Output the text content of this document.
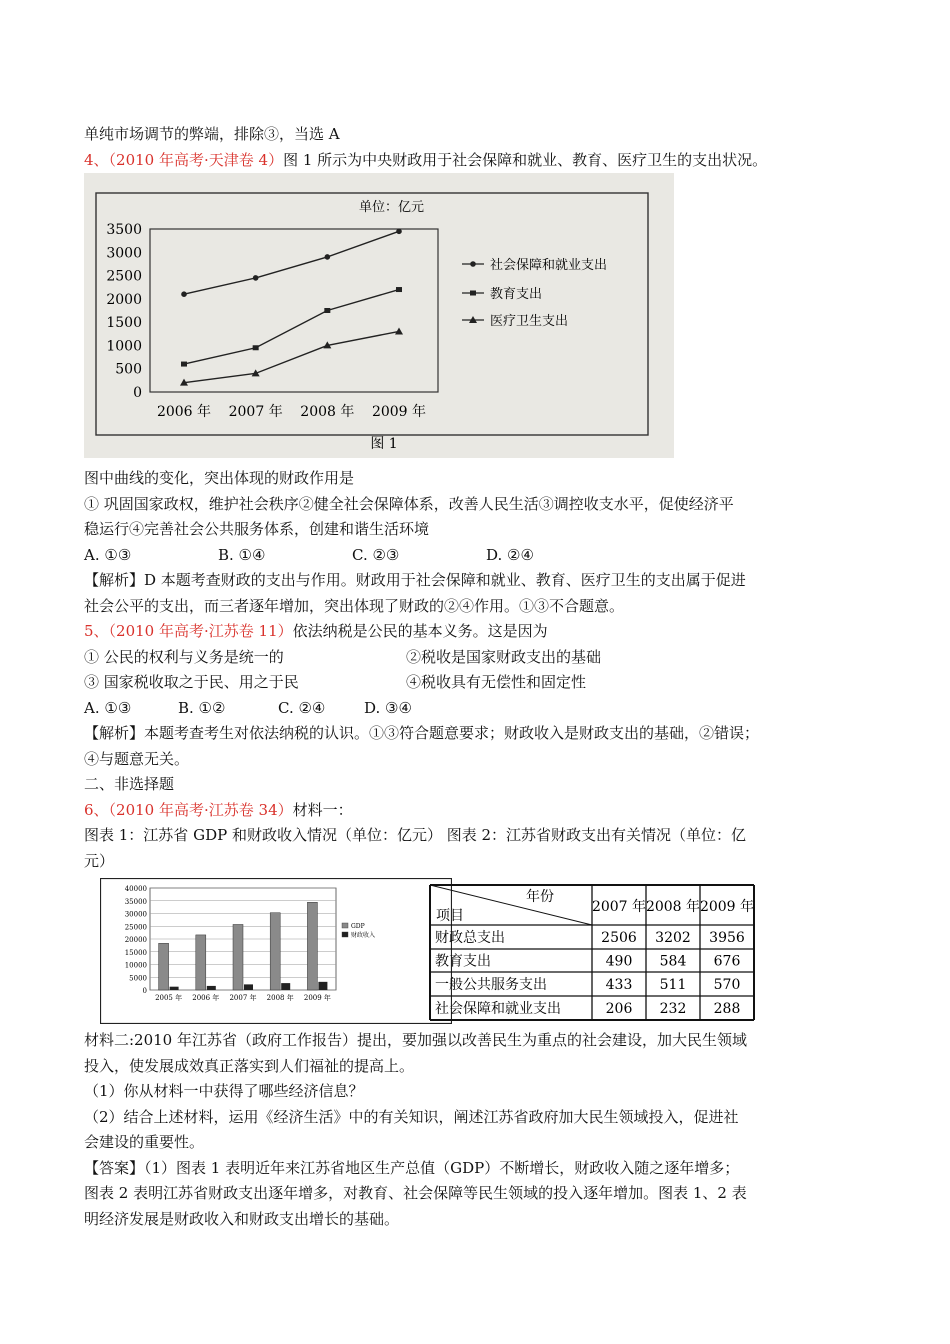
单纯市场调节的弊端，排除③，当选 A
4、（2010 年高考·天津卷 4）图 1 所示为中央财政用于社会保障和就业、教育、医疗卫生的支出状况。
单位：亿元
3500
3000
2500
2000
1500
1000
500
0
2006 年 2007 年 2008 年 2009 年
社会保障和就业支出
教育支出
医疗卫生支出
图 1
图中曲线的变化，突出体现的财政作用是
① 巩固国家政权，维护社会秩序②健全社会保障体系，改善人民生活③调控收支水平，促使经济平
稳运行④完善社会公共服务体系，创建和谐生活环境
A. ①③	B. ①④	C. ②③	D. ②④
【解析】D 本题考查财政的支出与作用。财政用于社会保障和就业、教育、医疗卫生的支出属于促进
社会公平的支出，而三者逐年增加，突出体现了财政的②④作用。①③不合题意。
5、（2010 年高考·江苏卷 11）依法纳税是公民的基本义务。这是因为
① 公民的权利与义务是统一的	②税收是国家财政支出的基础
③ 国家税收取之于民、用之于民	④税收具有无偿性和固定性
A. ①③	B. ①②	C. ②④	D. ③④
【解析】本题考查考生对依法纳税的认识。①③符合题意要求；财政收入是财政支出的基础，②错误；
④与题意无关。
二、非选择题
6、（2010 年高考·江苏卷 34）材料一：
图表 1：江苏省 GDP 和财政收入情况（单位：亿元） 图表 2：江苏省财政支出有关情况（单位：亿
元）
40000
35000
30000
25000
20000
15000
10000
5000
0
2005 年 2006 年 2007 年 2008 年 2009 年
GDP
财政收入
年份
项目
2007 年 2008 年 2009 年
财政总支出	2506 3202 3956
教育支出	490 584 676
一般公共服务支出	433 511 570
社会保障和就业支出	206 232 288
材料二:2010 年江苏省（政府工作报告）提出，要加强以改善民生为重点的社会建设，加大民生领域
投入，使发展成效真正落实到人们福祉的提高上。
（1）你从材料一中获得了哪些经济信息？
（2）结合上述材料，运用《经济生活》中的有关知识，阐述江苏省政府加大民生领域投入，促进社
会建设的重要性。
【答案】（1）图表 1 表明近年来江苏省地区生产总值（GDP）不断增长，财政收入随之逐年增多；
图表 2 表明江苏省财政支出逐年增多，对教育、社会保障等民生领域的投入逐年增加。图表 1、2 表
明经济发展是财政收入和财政支出增长的基础。
